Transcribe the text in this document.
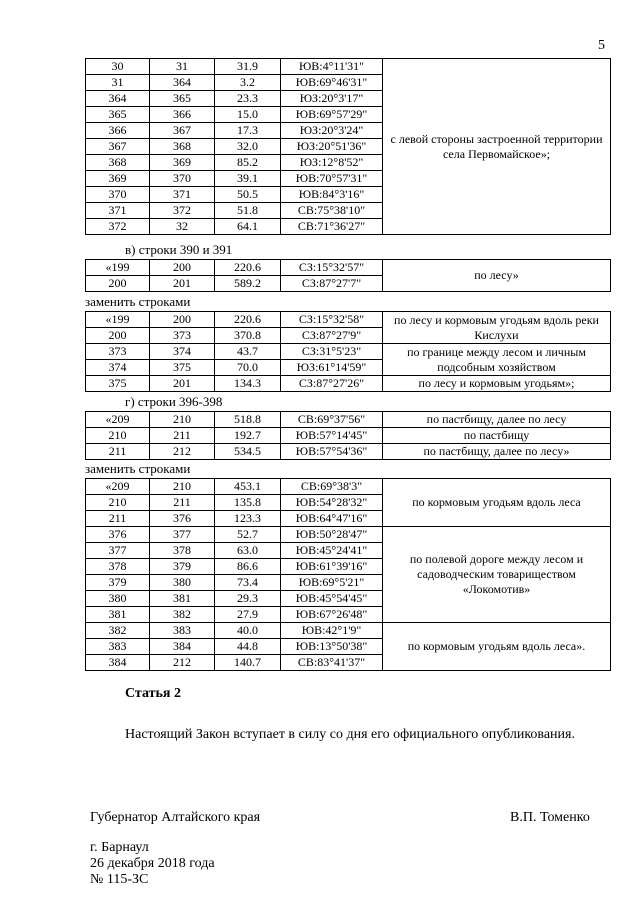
5
30	31	31.9	ЮВ:4°11'31"	с левой стороны застроенной территории села Первомайское»;
31	364	3.2	ЮВ:69°46'31"	
364	365	23.3	ЮЗ:20°3'17"	
365	366	15.0	ЮВ:69°57'29"	
366	367	17.3	ЮЗ:20°3'24"	
367	368	32.0	ЮЗ:20°51'36"	
368	369	85.2	ЮЗ:12°8'52"	
369	370	39.1	ЮВ:70°57'31"	
370	371	50.5	ЮВ:84°3'16"	
371	372	51.8	СВ:75°38'10"	
372	32	64.1	СВ:71°36'27"	
в) строки 390 и 391
«199	200	220.6	СЗ:15°32'57"	по лесу»
200	201	589.2	СЗ:87°27'7"	
заменить строками
«199	200	220.6	СЗ:15°32'58"	по лесу и кормовым угодьям вдоль реки Кислухи
200	373	370.8	СЗ:87°27'9"	
373	374	43.7	СЗ:31°5'23"	по границе между лесом и личным подсобным хозяйством
374	375	70.0	ЮЗ:61°14'59"	
375	201	134.3	СЗ:87°27'26"	по лесу и кормовым угодьям»;
г) строки 396-398
«209	210	518.8	СВ:69°37'56"	по пастбищу, далее по лесу
210	211	192.7	ЮВ:57°14'45"	по пастбищу
211	212	534.5	ЮВ:57°54'36"	по пастбищу, далее по лесу»
заменить строками
«209	210	453.1	СВ:69°38'3"	по кормовым угодьям вдоль леса
210	211	135.8	ЮВ:54°28'32"	
211	376	123.3	ЮВ:64°47'16"	
376	377	52.7	ЮВ:50°28'47"	по полевой дороге между лесом и садоводческим товариществом «Локомотив»
377	378	63.0	ЮВ:45°24'41"	
378	379	86.6	ЮВ:61°39'16"	
379	380	73.4	ЮВ:69°5'21"	
380	381	29.3	ЮВ:45°54'45"	
381	382	27.9	ЮВ:67°26'48"	
382	383	40.0	ЮВ:42°1'9"	по кормовым угодьям вдоль леса».
383	384	44.8	ЮВ:13°50'38"	
384	212	140.7	СВ:83°41'37"	
Статья 2
Настоящий Закон вступает в силу со дня его официального опубликования.
Губернатор Алтайского края	В.П. Томенко
г. Барнаул
26 декабря 2018 года
№ 115-ЗС
